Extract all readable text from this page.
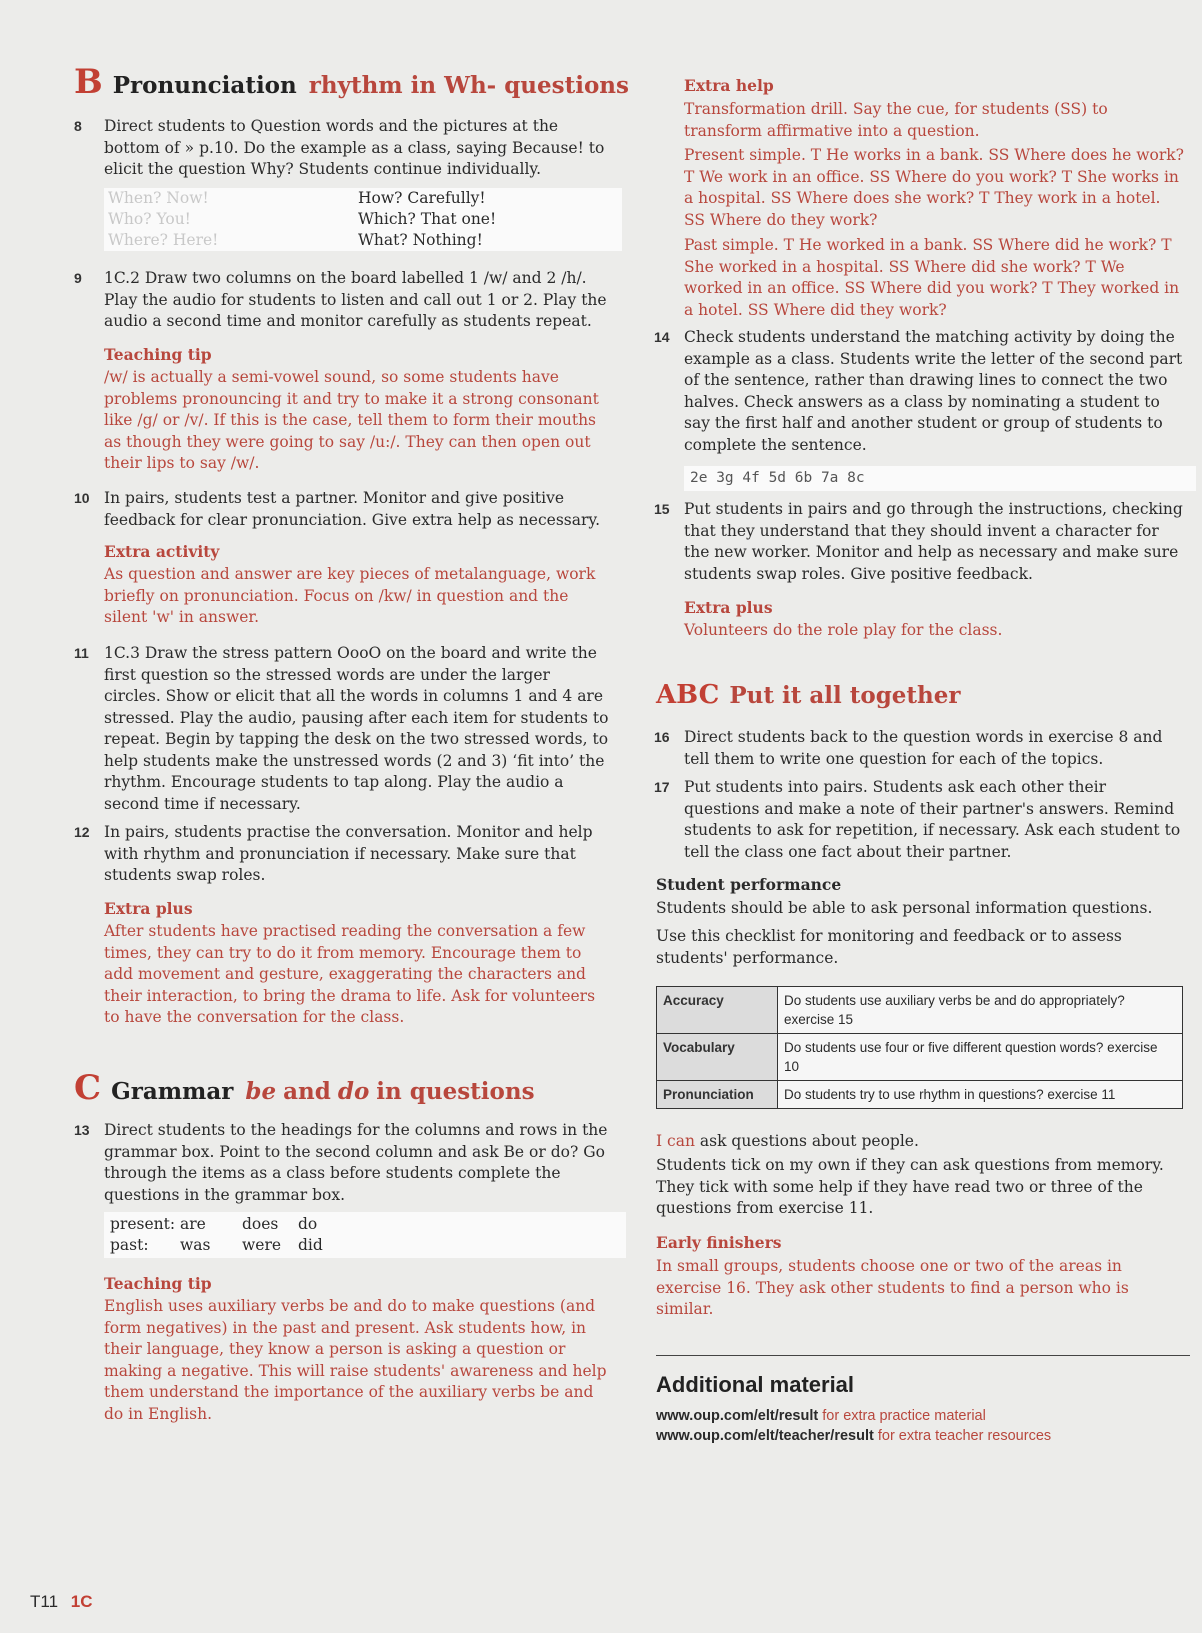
B Pronunciation rhythm in Wh- questions
8 Direct students to Question words and the pictures at the bottom of » p.10. Do the example as a class, saying Because! to elicit the question Why? Students continue individually.
When? Now!	How? Carefully!
Who? You!	Which? That one!
Where? Here!	What? Nothing!
9 1C.2 Draw two columns on the board labelled 1 /w/ and 2 /h/. Play the audio for students to listen and call out 1 or 2. Play the audio a second time and monitor carefully as students repeat.
Teaching tip
/w/ is actually a semi-vowel sound, so some students have problems pronouncing it and try to make it a strong consonant like /g/ or /v/. If this is the case, tell them to form their mouths as though they were going to say /u:/. They can then open out their lips to say /w/.
10 In pairs, students test a partner. Monitor and give positive feedback for clear pronunciation. Give extra help as necessary.
Extra activity
As question and answer are key pieces of metalanguage, work briefly on pronunciation. Focus on /kw/ in question and the silent 'w' in answer.
11 1C.3 Draw the stress pattern OooO on the board and write the first question so the stressed words are under the larger circles. Show or elicit that all the words in columns 1 and 4 are stressed. Play the audio, pausing after each item for students to repeat. Begin by tapping the desk on the two stressed words, to help students make the unstressed words (2 and 3) ‘fit into’ the rhythm. Encourage students to tap along. Play the audio a second time if necessary.
12 In pairs, students practise the conversation. Monitor and help with rhythm and pronunciation if necessary. Make sure that students swap roles.
Extra plus
After students have practised reading the conversation a few times, they can try to do it from memory. Encourage them to add movement and gesture, exaggerating the characters and their interaction, to bring the drama to life. Ask for volunteers to have the conversation for the class.
C Grammar be and do in questions
13 Direct students to the headings for the columns and rows in the grammar box. Point to the second column and ask Be or do? Go through the items as a class before students complete the questions in the grammar box.
present: are	does	do
past:	was	were	did
Teaching tip
English uses auxiliary verbs be and do to make questions (and form negatives) in the past and present. Ask students how, in their language, they know a person is asking a question or making a negative. This will raise students' awareness and help them understand the importance of the auxiliary verbs be and do in English.
Extra help
Transformation drill. Say the cue, for students (SS) to transform affirmative into a question.
Present simple. T He works in a bank. SS Where does he work? T We work in an office. SS Where do you work? T She works in a hospital. SS Where does she work? T They work in a hotel. SS Where do they work?
Past simple. T He worked in a bank. SS Where did he work? T She worked in a hospital. SS Where did she work? T We worked in an office. SS Where did you work? T They worked in a hotel. SS Where did they work?
14 Check students understand the matching activity by doing the example as a class. Students write the letter of the second part of the sentence, rather than drawing lines to connect the two halves. Check answers as a class by nominating a student to say the first half and another student or group of students to complete the sentence.
2e 3g 4f 5d 6b 7a 8c
15 Put students in pairs and go through the instructions, checking that they understand that they should invent a character for the new worker. Monitor and help as necessary and make sure students swap roles. Give positive feedback.
Extra plus
Volunteers do the role play for the class.
ABC Put it all together
16 Direct students back to the question words in exercise 8 and tell them to write one question for each of the topics.
17 Put students into pairs. Students ask each other their questions and make a note of their partner's answers. Remind students to ask for repetition, if necessary. Ask each student to tell the class one fact about their partner.
Student performance
Students should be able to ask personal information questions.
Use this checklist for monitoring and feedback or to assess students' performance.
Accuracy	Do students use auxiliary verbs be and do appropriately? exercise 15
Vocabulary	Do students use four or five different question words? exercise 10
Pronunciation	Do students try to use rhythm in questions? exercise 11
I can ask questions about people.
Students tick on my own if they can ask questions from memory. They tick with some help if they have read two or three of the questions from exercise 11.
Early finishers
In small groups, students choose one or two of the areas in exercise 16. They ask other students to find a person who is similar.
Additional material
www.oup.com/elt/result for extra practice material
www.oup.com/elt/teacher/result for extra teacher resources
T11 1C
